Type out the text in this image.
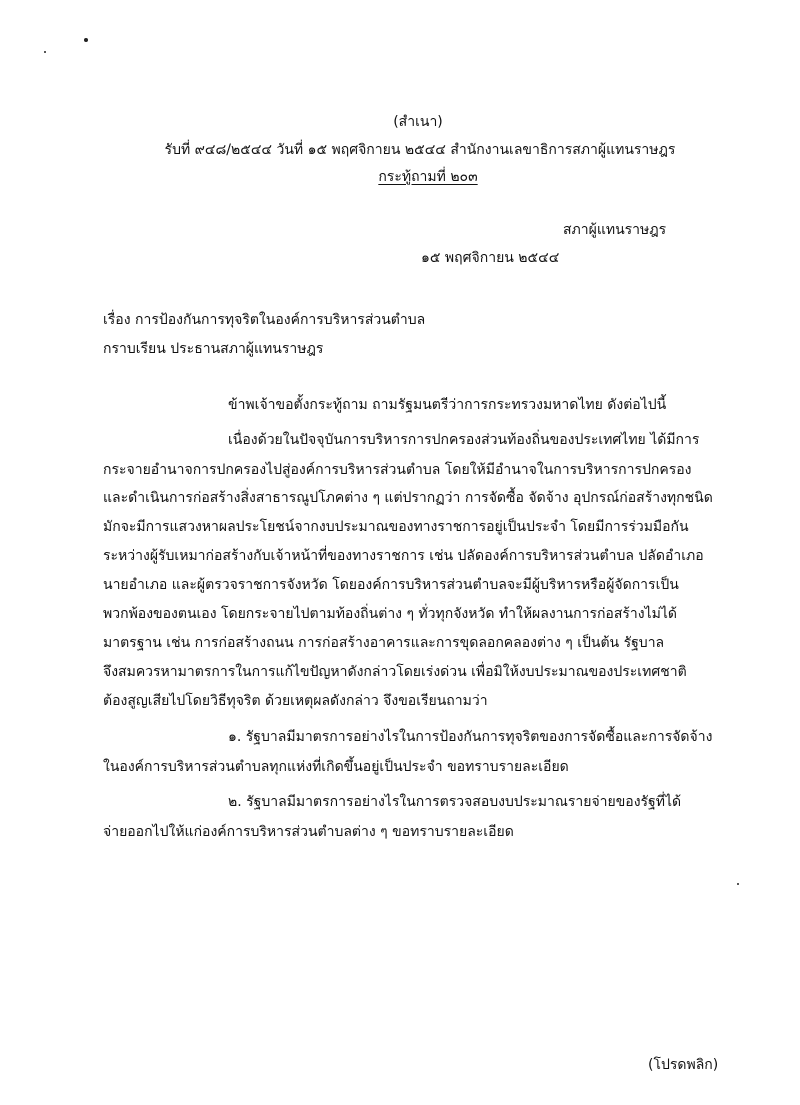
(สำเนา)
รับที่ ๙๔๘/๒๕๔๔ วันที่ ๑๕ พฤศจิกายน ๒๕๔๔ สำนักงานเลขาธิการสภาผู้แทนราษฎร
กระทู้ถามที่ ๒๐๓
สภาผู้แทนราษฎร
๑๕ พฤศจิกายน ๒๕๔๔
เรื่อง การป้องกันการทุจริตในองค์การบริหารส่วนตำบล
กราบเรียน ประธานสภาผู้แทนราษฎร
ข้าพเจ้าขอตั้งกระทู้ถาม ถามรัฐมนตรีว่าการกระทรวงมหาดไทย ดังต่อไปนี้
เนื่องด้วยในปัจจุบันการบริหารการปกครองส่วนท้องถิ่นของประเทศไทย ได้มีการ
กระจายอำนาจการปกครองไปสู่องค์การบริหารส่วนตำบล โดยให้มีอำนาจในการบริหารการปกครอง
และดำเนินการก่อสร้างสิ่งสาธารณูปโภคต่าง ๆ แต่ปรากฏว่า การจัดซื้อ จัดจ้าง อุปกรณ์ก่อสร้างทุกชนิด
มักจะมีการแสวงหาผลประโยชน์จากงบประมาณของทางราชการอยู่เป็นประจำ โดยมีการร่วมมือกัน
ระหว่างผู้รับเหมาก่อสร้างกับเจ้าหน้าที่ของทางราชการ เช่น ปลัดองค์การบริหารส่วนตำบล ปลัดอำเภอ
นายอำเภอ และผู้ตรวจราชการจังหวัด โดยองค์การบริหารส่วนตำบลจะมีผู้บริหารหรือผู้จัดการเป็น
พวกพ้องของตนเอง โดยกระจายไปตามท้องถิ่นต่าง ๆ ทั่วทุกจังหวัด ทำให้ผลงานการก่อสร้างไม่ได้
มาตรฐาน เช่น การก่อสร้างถนน การก่อสร้างอาคารและการขุดลอกคลองต่าง ๆ เป็นต้น รัฐบาล
จึงสมควรหามาตรการในการแก้ไขปัญหาดังกล่าวโดยเร่งด่วน เพื่อมิให้งบประมาณของประเทศชาติ
ต้องสูญเสียไปโดยวิธีทุจริต ด้วยเหตุผลดังกล่าว จึงขอเรียนถามว่า
๑. รัฐบาลมีมาตรการอย่างไรในการป้องกันการทุจริตของการจัดซื้อและการจัดจ้าง
ในองค์การบริหารส่วนตำบลทุกแห่งที่เกิดขึ้นอยู่เป็นประจำ ขอทราบรายละเอียด
๒. รัฐบาลมีมาตรการอย่างไรในการตรวจสอบงบประมาณรายจ่ายของรัฐที่ได้
จ่ายออกไปให้แก่องค์การบริหารส่วนตำบลต่าง ๆ ขอทราบรายละเอียด
(โปรดพลิก)
